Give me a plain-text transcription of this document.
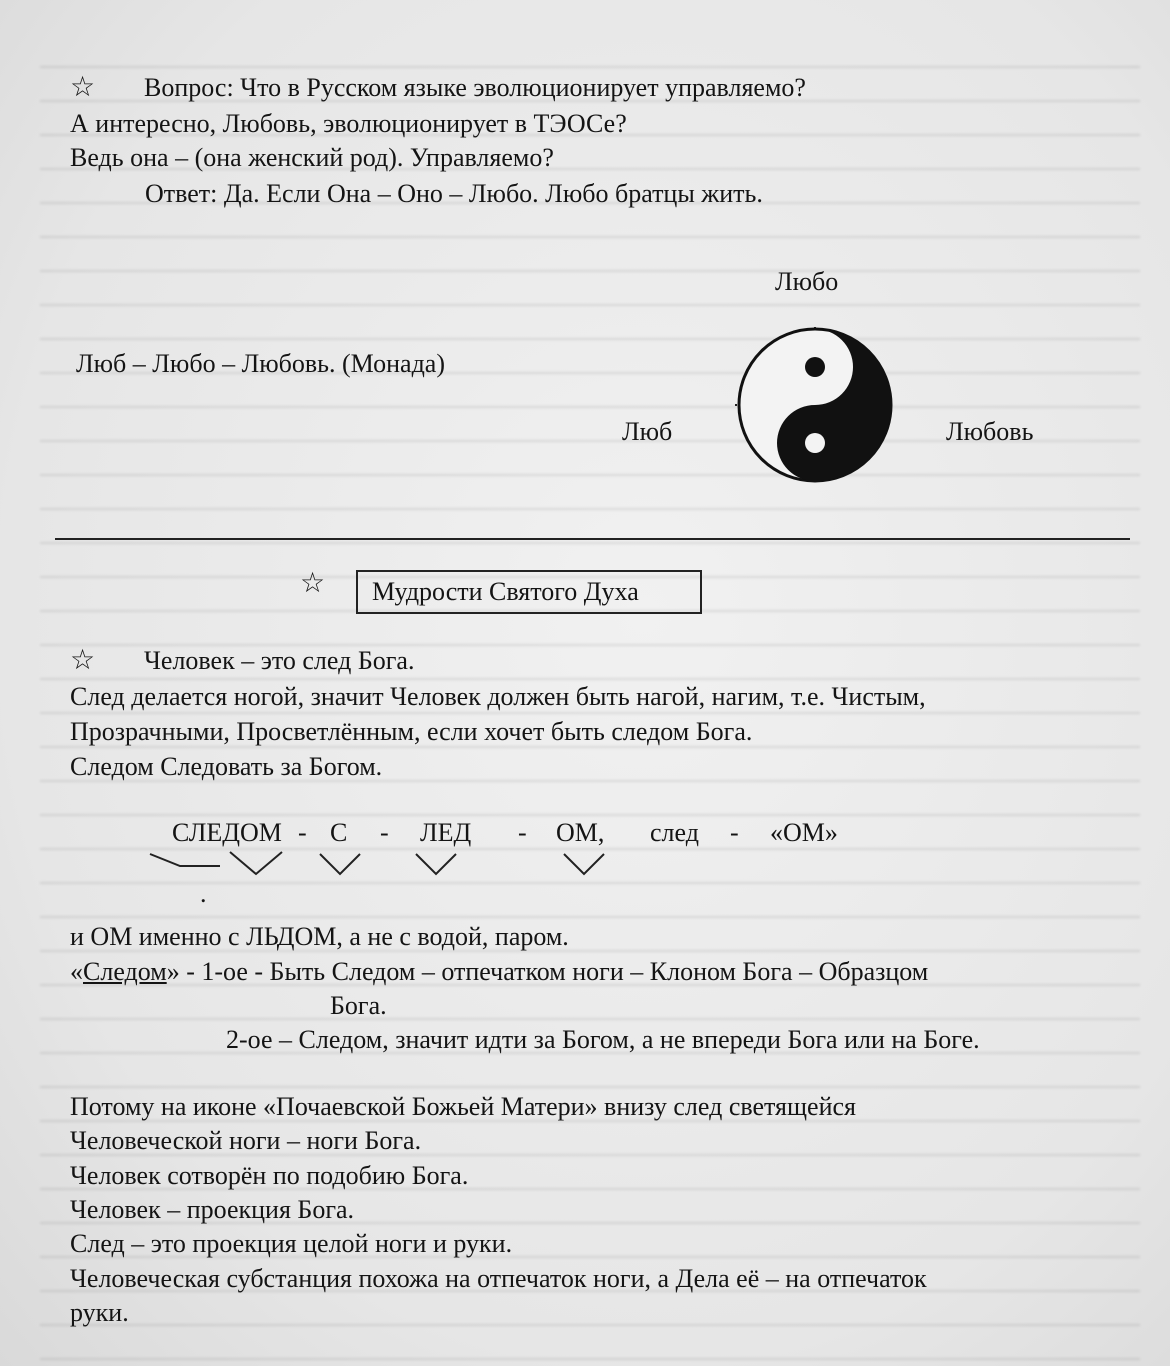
☆ Вопрос: Что в Русском языке эволюционирует управляемо?
А интересно, Любовь, эволюционирует в ТЭОСе?
Ведь она – (она женский род). Управляемо?
Ответ: Да. Если Она – Оно – Любо. Любо братцы жить.
Люб – Любо – Любовь. (Монада)
Любо
Люб	Любовь
☆	Мудрости Святого Духа
☆ Человек – это след Бога.
След делается ногой, значит Человек должен быть нагой, нагим, т.е. Чистым,
Прозрачными, Просветлённым, если хочет быть следом Бога.
Следом Следовать за Богом.
СЛЕДОМ - С - ЛЕД - ОМ, след - «ОМ»
.
и ОМ именно с ЛЬДОМ, а не с водой, паром.
«Следом» - 1-ое - Быть Следом – отпечатком ноги – Клоном Бога – Образцом
Бога.
2-ое – Следом, значит идти за Богом, а не впереди Бога или на Боге.
Потому на иконе «Почаевской Божьей Матери» внизу след светящейся
Человеческой ноги – ноги Бога.
Человек сотворён по подобию Бога.
Человек – проекция Бога.
След – это проекция целой ноги и руки.
Человеческая субстанция похожа на отпечаток ноги, а Дела её – на отпечаток
руки.
